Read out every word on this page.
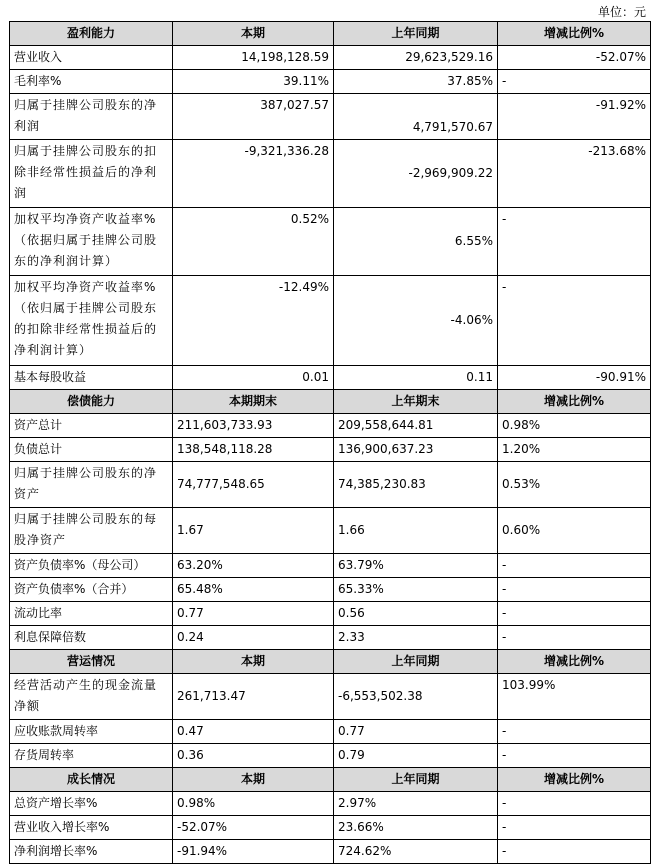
单位：元
盈利能力	本期	上年同期	增减比例%
营业收入	14,198,128.59	29,623,529.16	-52.07%
毛利率%	39.11%	37.85%	-
归属于挂牌公司股东的净利润	387,027.57	4,791,570.67	-91.92%
归属于挂牌公司股东的扣除非经常性损益后的净利润	-9,321,336.28	-2,969,909.22	-213.68%
加权平均净资产收益率%（依据归属于挂牌公司股东的净利润计算）	0.52%	6.55%	-
加权平均净资产收益率%（依归属于挂牌公司股东的扣除非经常性损益后的净利润计算）	-12.49%	-4.06%	-
基本每股收益	0.01	0.11	-90.91%
偿债能力	本期期末	上年期末	增减比例%
资产总计	211,603,733.93	209,558,644.81	0.98%
负债总计	138,548,118.28	136,900,637.23	1.20%
归属于挂牌公司股东的净资产	74,777,548.65	74,385,230.83	0.53%
归属于挂牌公司股东的每股净资产	1.67	1.66	0.60%
资产负债率%（母公司）	63.20%	63.79%	-
资产负债率%（合并）	65.48%	65.33%	-
流动比率	0.77	0.56	-
利息保障倍数	0.24	2.33	-
营运情况	本期	上年同期	增减比例%
经营活动产生的现金流量净额	261,713.47	-6,553,502.38	103.99%
应收账款周转率	0.47	0.77	-
存货周转率	0.36	0.79	-
成长情况	本期	上年同期	增减比例%
总资产增长率%	0.98%	2.97%	-
营业收入增长率%	-52.07%	23.66%	-
净利润增长率%	-91.94%	724.62%	-
